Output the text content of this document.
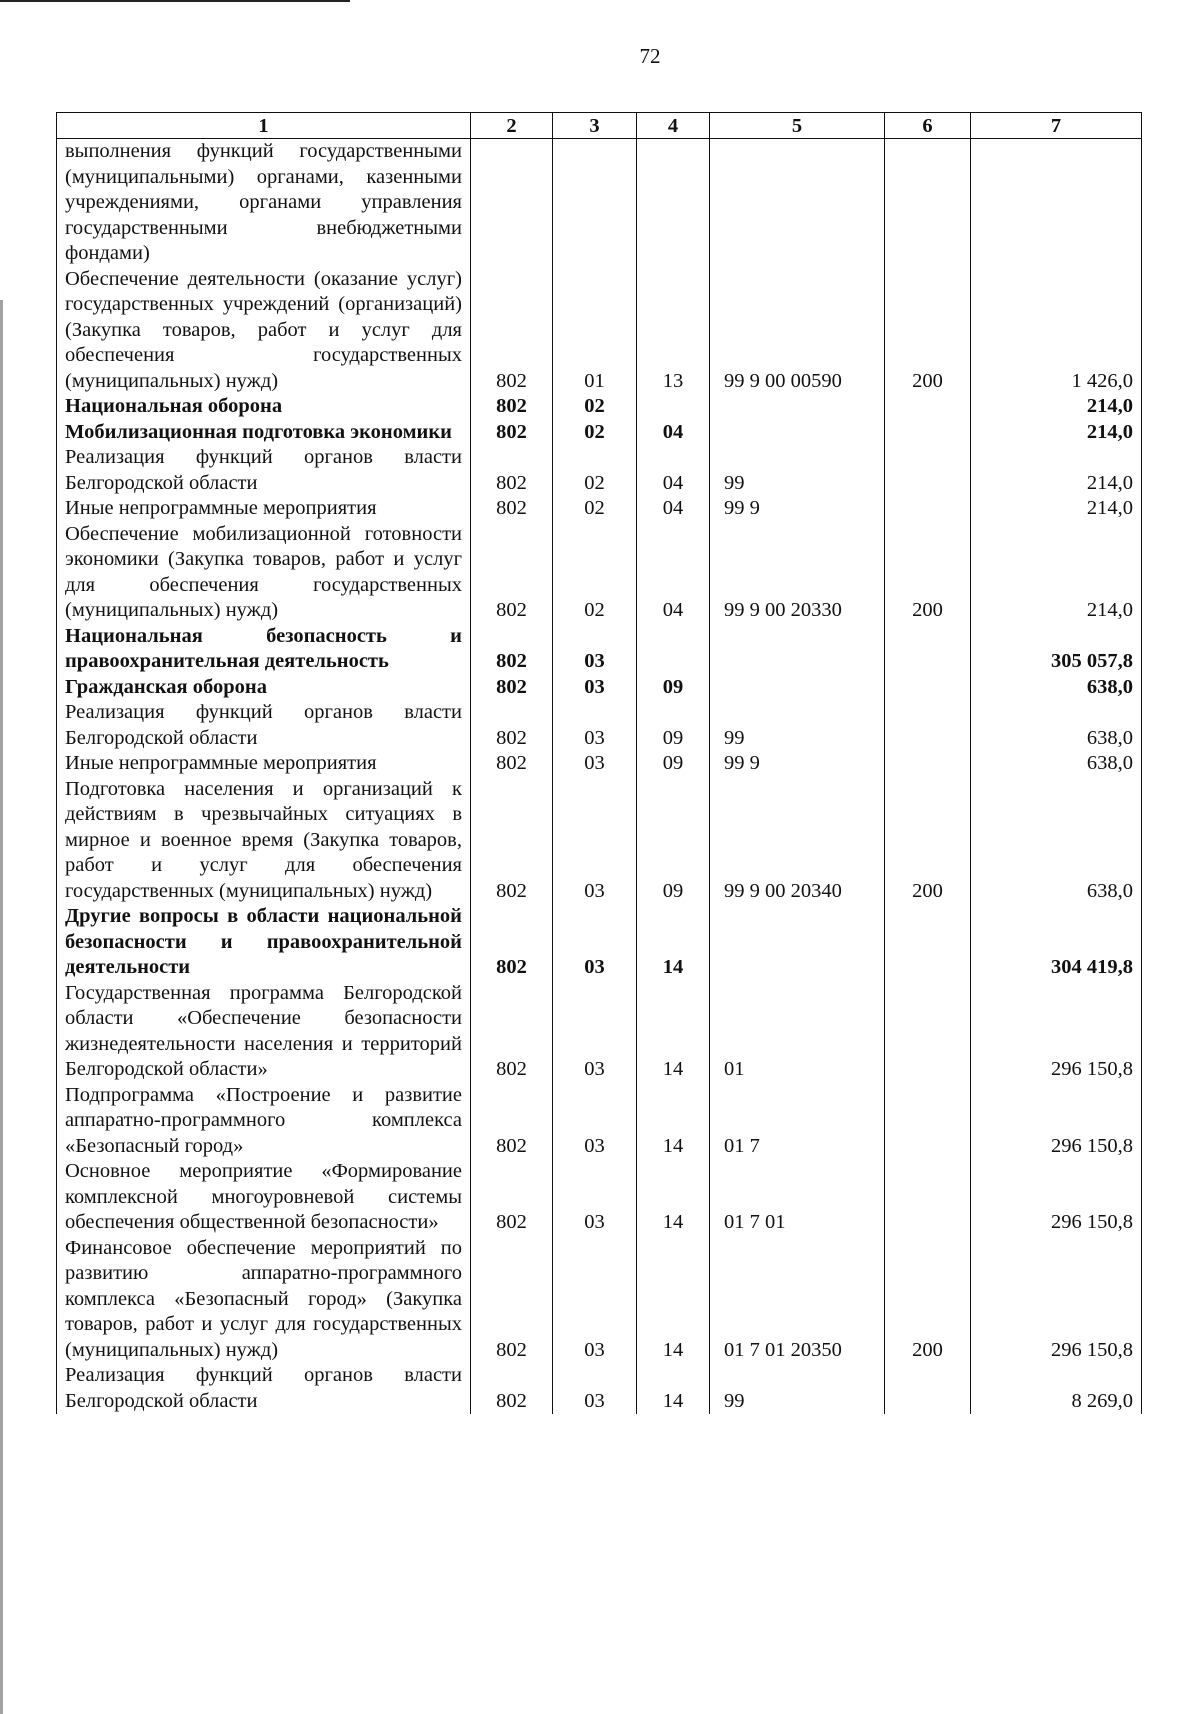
72
1	2	3	4	5	6	7
выполнения функций государственными (муниципальными) органами, казенными учреждениями, органами управления государственными внебюджетными фондами)						
Обеспечение деятельности (оказание услуг) государственных учреждений (организаций) (Закупка товаров, работ и услуг для обеспечения государственных (муниципальных) нужд)	802	01	13	99 9 00 00590	200	1 426,0
Национальная оборона	802	02				214,0
Мобилизационная подготовка экономики	802	02	04			214,0
Реализация функций органов власти Белгородской области	802	02	04	99		214,0
Иные непрограммные мероприятия	802	02	04	99 9		214,0
Обеспечение мобилизационной готовности экономики (Закупка товаров, работ и услуг для обеспечения государственных (муниципальных) нужд)	802	02	04	99 9 00 20330	200	214,0
Национальная безопасность и правоохранительная деятельность	802	03				305 057,8
Гражданская оборона	802	03	09			638,0
Реализация функций органов власти Белгородской области	802	03	09	99		638,0
Иные непрограммные мероприятия	802	03	09	99 9		638,0
Подготовка населения и организаций к действиям в чрезвычайных ситуациях в мирное и военное время (Закупка товаров, работ и услуг для обеспечения государственных (муниципальных) нужд)	802	03	09	99 9 00 20340	200	638,0
Другие вопросы в области национальной безопасности и правоохранительной деятельности	802	03	14			304 419,8
Государственная программа Белгородской области «Обеспечение безопасности жизнедеятельности населения и территорий Белгородской области»	802	03	14	01		296 150,8
Подпрограмма «Построение и развитие аппаратно-программного комплекса «Безопасный город»	802	03	14	01 7		296 150,8
Основное мероприятие «Формирование комплексной многоуровневой системы обеспечения общественной безопасности»	802	03	14	01 7 01		296 150,8
Финансовое обеспечение мероприятий по развитию аппаратно-программного комплекса «Безопасный город» (Закупка товаров, работ и услуг для государственных (муниципальных) нужд)	802	03	14	01 7 01 20350	200	296 150,8
Реализация функций органов власти Белгородской области	802	03	14	99		8 269,0
